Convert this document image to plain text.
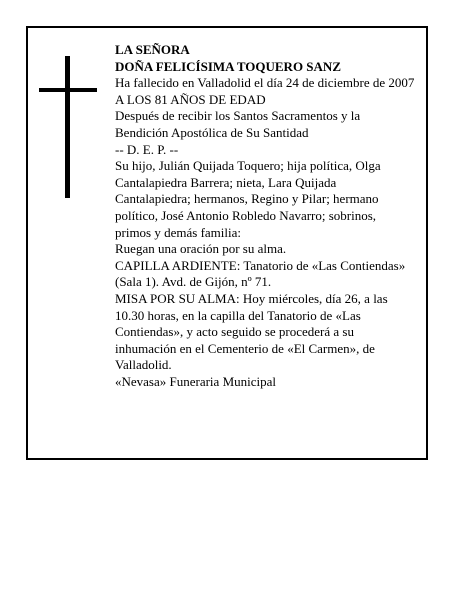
LA SEÑORA

DOÑA FELICÍSIMA TOQUERO SANZ

Ha fallecido en Valladolid el día 24 de diciembre de 2007

A LOS 81 AÑOS DE EDAD

Después de recibir los Santos Sacramentos y la Bendición Apostólica de Su Santidad

-- D. E. P. --

Su hijo, Julián Quijada Toquero; hija política, Olga Cantalapiedra Barrera; nieta, Lara Quijada Cantalapiedra; hermanos, Regino y Pilar; hermano político, José Antonio Robledo Navarro; sobrinos, primos y demás familia:

Ruegan una oración por su alma.

CAPILLA ARDIENTE: Tanatorio de «Las Contiendas» (Sala 1). Avd. de Gijón, nº 71.

MISA POR SU ALMA: Hoy miércoles, día 26, a las 10.30 horas, en la capilla del Tanatorio de «Las Contiendas», y acto seguido se procederá a su inhumación en el Cementerio de «El Carmen», de Valladolid.

«Nevasa» Funeraria Municipal
